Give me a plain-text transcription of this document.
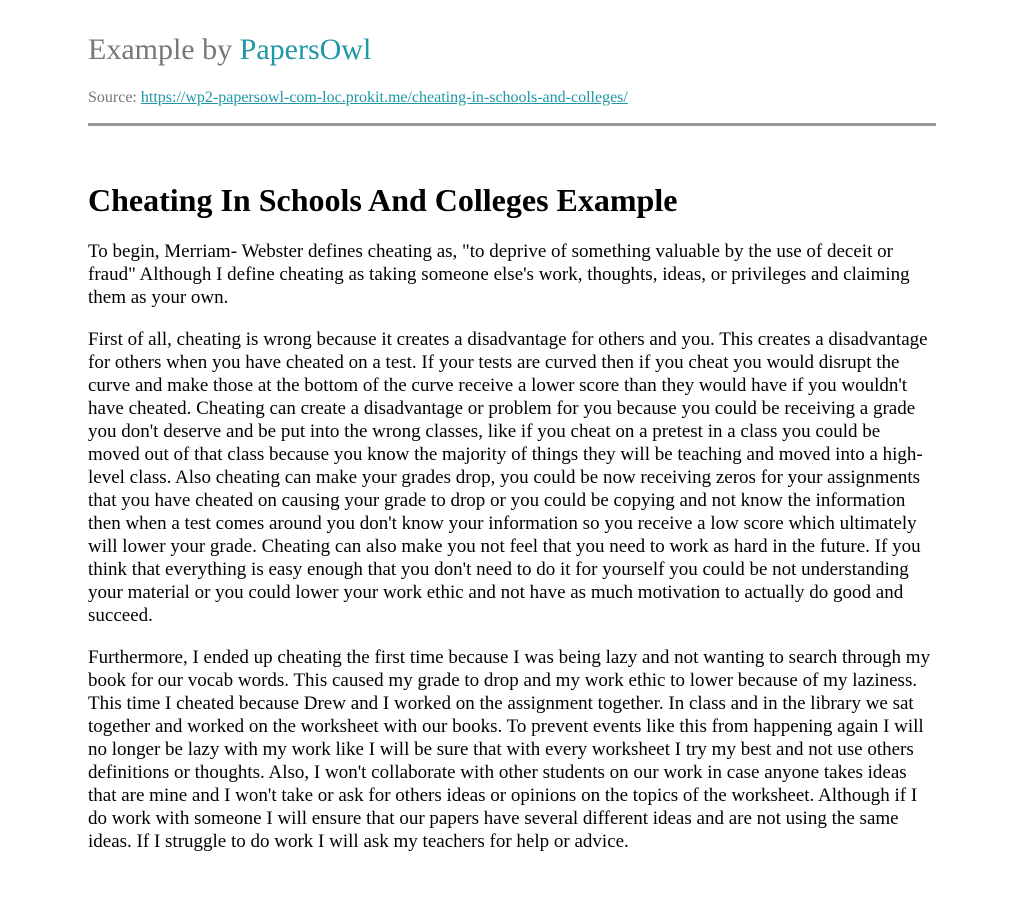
Example by PapersOwl
Source: https://wp2-papersowl-com-loc.prokit.me/cheating-in-schools-and-colleges/
Cheating In Schools And Colleges Example

To begin, Merriam- Webster defines cheating as, "to deprive of something valuable by the use of deceit or fraud" Although I define cheating as taking someone else's work, thoughts, ideas, or privileges and claiming them as your own.

First of all, cheating is wrong because it creates a disadvantage for others and you. This creates a disadvantage for others when you have cheated on a test. If your tests are curved then if you cheat you would disrupt the curve and make those at the bottom of the curve receive a lower score than they would have if you wouldn't have cheated. Cheating can create a disadvantage or problem for you because you could be receiving a grade you don't deserve and be put into the wrong classes, like if you cheat on a pretest in a class you could be moved out of that class because you know the majority of things they will be teaching and moved into a high-level class. Also cheating can make your grades drop, you could be now receiving zeros for your assignments that you have cheated on causing your grade to drop or you could be copying and not know the information then when a test comes around you don't know your information so you receive a low score which ultimately will lower your grade. Cheating can also make you not feel that you need to work as hard in the future. If you think that everything is easy enough that you don't need to do it for yourself you could be not understanding your material or you could lower your work ethic and not have as much motivation to actually do good and succeed.

Furthermore, I ended up cheating the first time because I was being lazy and not wanting to search through my book for our vocab words. This caused my grade to drop and my work ethic to lower because of my laziness. This time I cheated because Drew and I worked on the assignment together. In class and in the library we sat together and worked on the worksheet with our books. To prevent events like this from happening again I will no longer be lazy with my work like I will be sure that with every worksheet I try my best and not use others definitions or thoughts. Also, I won't collaborate with other students on our work in case anyone takes ideas that are mine and I won't take or ask for others ideas or opinions on the topics of the worksheet. Although if I do work with someone I will ensure that our papers have several different ideas and are not using the same ideas. If I struggle to do work I will ask my teachers for help or advice.
